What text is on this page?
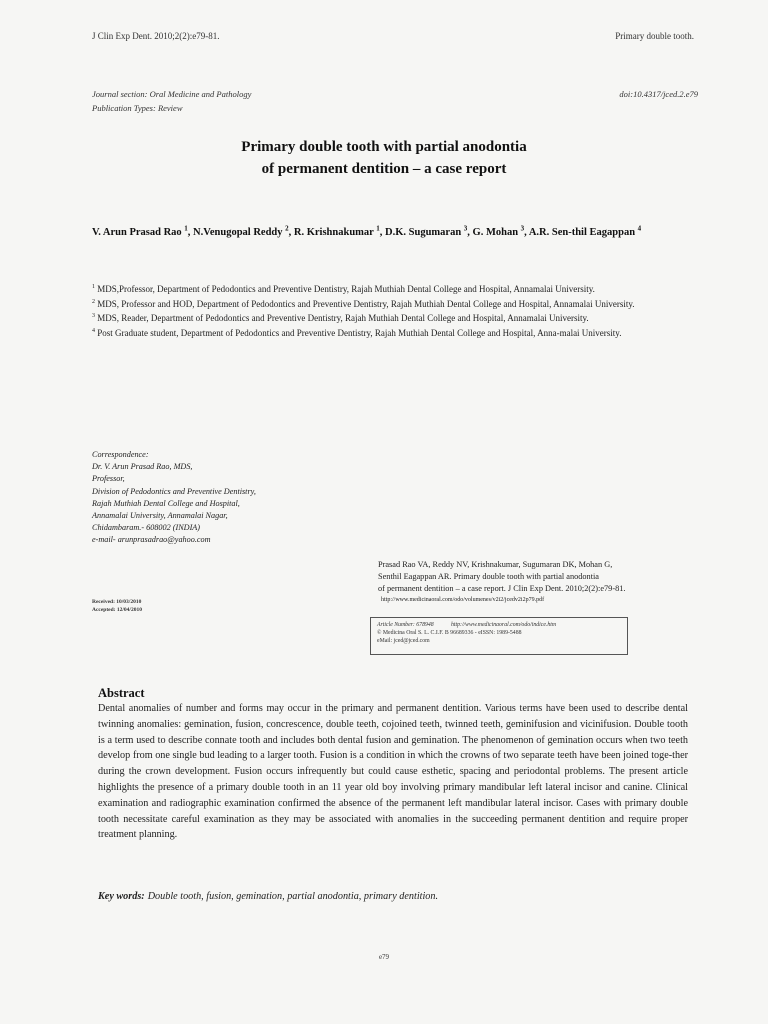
J Clin Exp Dent. 2010;2(2):e79-81.	Primary double tooth.
Journal section: Oral Medicine and Pathology
Publication Types: Review
doi:10.4317/jced.2.e79
Primary double tooth with partial anodontia
of permanent dentition – a case report
V. Arun Prasad Rao $^1$, N.Venugopal Reddy $^2$, R. Krishnakumar $^1$, D.K. Sugumaran $^3$, G. Mohan $^3$, A.R. Sen-thil Eagappan $^4$
$^1$ MDS,Professor, Department of Pedodontics and Preventive Dentistry, Rajah Muthiah Dental College and Hospital, Annamalai University.
$^2$ MDS, Professor and HOD, Department of Pedodontics and Preventive Dentistry, Rajah Muthiah Dental College and Hospital, Annamalai University.
$^3$ MDS, Reader, Department of Pedodontics and Preventive Dentistry, Rajah Muthiah Dental College and Hospital, Annamalai University.
$^4$ Post Graduate student, Department of Pedodontics and Preventive Dentistry, Rajah Muthiah Dental College and Hospital, Anna-malai University.
Correspondence:
Dr. V. Arun Prasad Rao, MDS,
Professor,
Division of Pedodontics and Preventive Dentistry,
Rajah Muthiah Dental College and Hospital,
Annamalai University, Annamalai Nagar,
Chidambaram.- 608002 (INDIA)
e-mail- arunprasadrao@yahoo.com
Prasad Rao VA, Reddy NV, Krishnakumar, Sugumaran DK, Mohan G,
Senthil Eagappan AR. Primary double tooth with partial anodontia
of permanent dentition – a case report. J Clin Exp Dent. 2010;2(2):e79-81.
http://www.medicinaoral.com/odo/volumenes/v2i2/jcedv2i2p79.pdf
Received: 10/03/2010
Accepted: 12/04/2010
Article Number: 678948	http://www.medicinaoral.com/odo/indice.htm
© Medicina Oral S. L. C.I.F. B 96689336 - eISSN: 1989-5488
eMail: jced@jced.com
Abstract
Dental anomalies of number and forms may occur in the primary and permanent dentition. Various terms have been used to describe dental twinning anomalies: gemination, fusion, concrescence, double teeth, cojoined teeth, twinned teeth, geminifusion and vicinifusion. Double tooth is a term used to describe connate tooth and includes both dental fusion and gemination. The phenomenon of gemination occurs when two teeth develop from one single bud leading to a larger tooth. Fusion is a condition in which the crowns of two separate teeth have been joined toge-ther during the crown development. Fusion occurs infrequently but could cause esthetic, spacing and periodontal problems. The present article highlights the presence of a primary double tooth in an 11 year old boy involving primary mandibular left lateral incisor and canine. Clinical examination and radiographic examination confirmed the absence of the permanent left mandibular lateral incisor. Cases with primary double tooth necessitate careful examination as they may be associated with anomalies in the succeeding permanent dentition and require proper treatment planning.
Key words: Double tooth, fusion, gemination, partial anodontia, primary dentition.
e79
